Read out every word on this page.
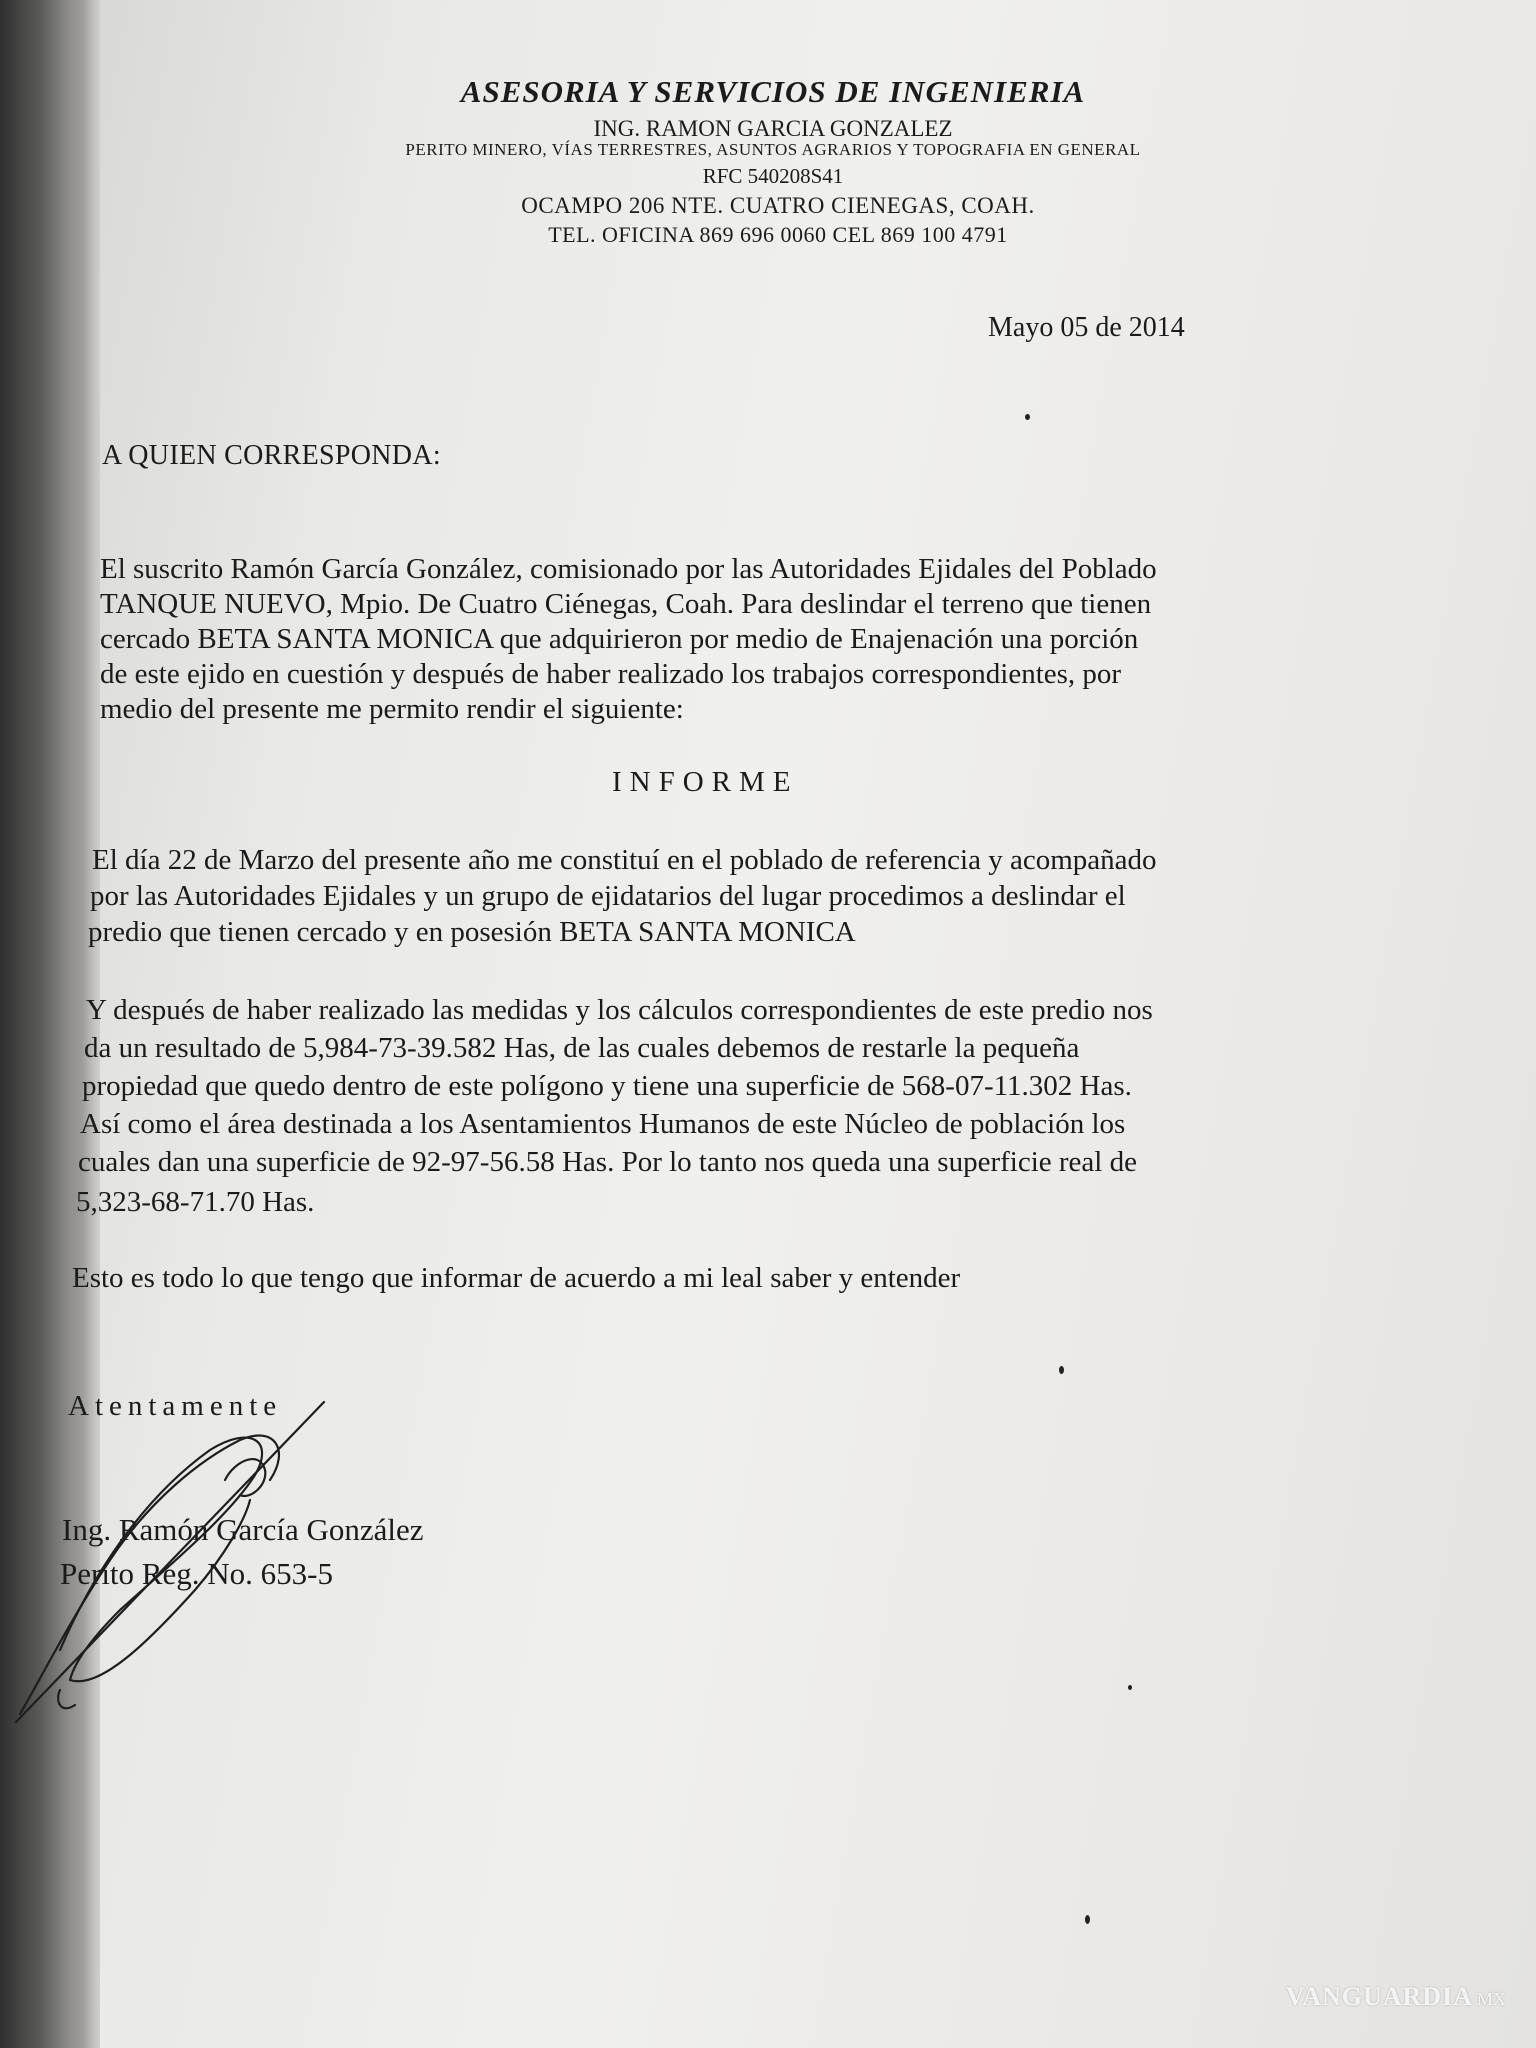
ASESORIA Y SERVICIOS DE INGENIERIA
ING. RAMON GARCIA GONZALEZ
PERITO MINERO, VÍAS TERRESTRES, ASUNTOS AGRARIOS Y TOPOGRAFIA EN GENERAL
RFC 540208S41
OCAMPO 206 NTE. CUATRO CIENEGAS, COAH.
TEL. OFICINA 869 696 0060 CEL 869 100 4791
Mayo 05 de 2014
A QUIEN CORRESPONDA:
El suscrito Ramón García González, comisionado por las Autoridades Ejidales del Poblado
TANQUE NUEVO, Mpio. De Cuatro Ciénegas, Coah. Para deslindar el terreno que tienen
cercado BETA SANTA MONICA que adquirieron por medio de Enajenación una porción
de este ejido en cuestión y después de haber realizado los trabajos correspondientes, por
medio del presente me permito rendir el siguiente:
INFORME
El día 22 de Marzo del presente año me constituí en el poblado de referencia y acompañado
por las Autoridades Ejidales y un grupo de ejidatarios del lugar procedimos a deslindar el
predio que tienen cercado y en posesión BETA SANTA MONICA
Y después de haber realizado las medidas y los cálculos correspondientes de este predio nos
da un resultado de 5,984-73-39.582 Has, de las cuales debemos de restarle la pequeña
propiedad que quedo dentro de este polígono y tiene una superficie de 568-07-11.302 Has.
Así como el área destinada a los Asentamientos Humanos de este Núcleo de población los
cuales dan una superficie de 92-97-56.58 Has. Por lo tanto nos queda una superficie real de
5,323-68-71.70 Has.
Esto es todo lo que tengo que informar de acuerdo a mi leal saber y entender
Atentamente
Ing. Ramón García González
Perito Reg. No. 653-5
VANGUARDIA MX
